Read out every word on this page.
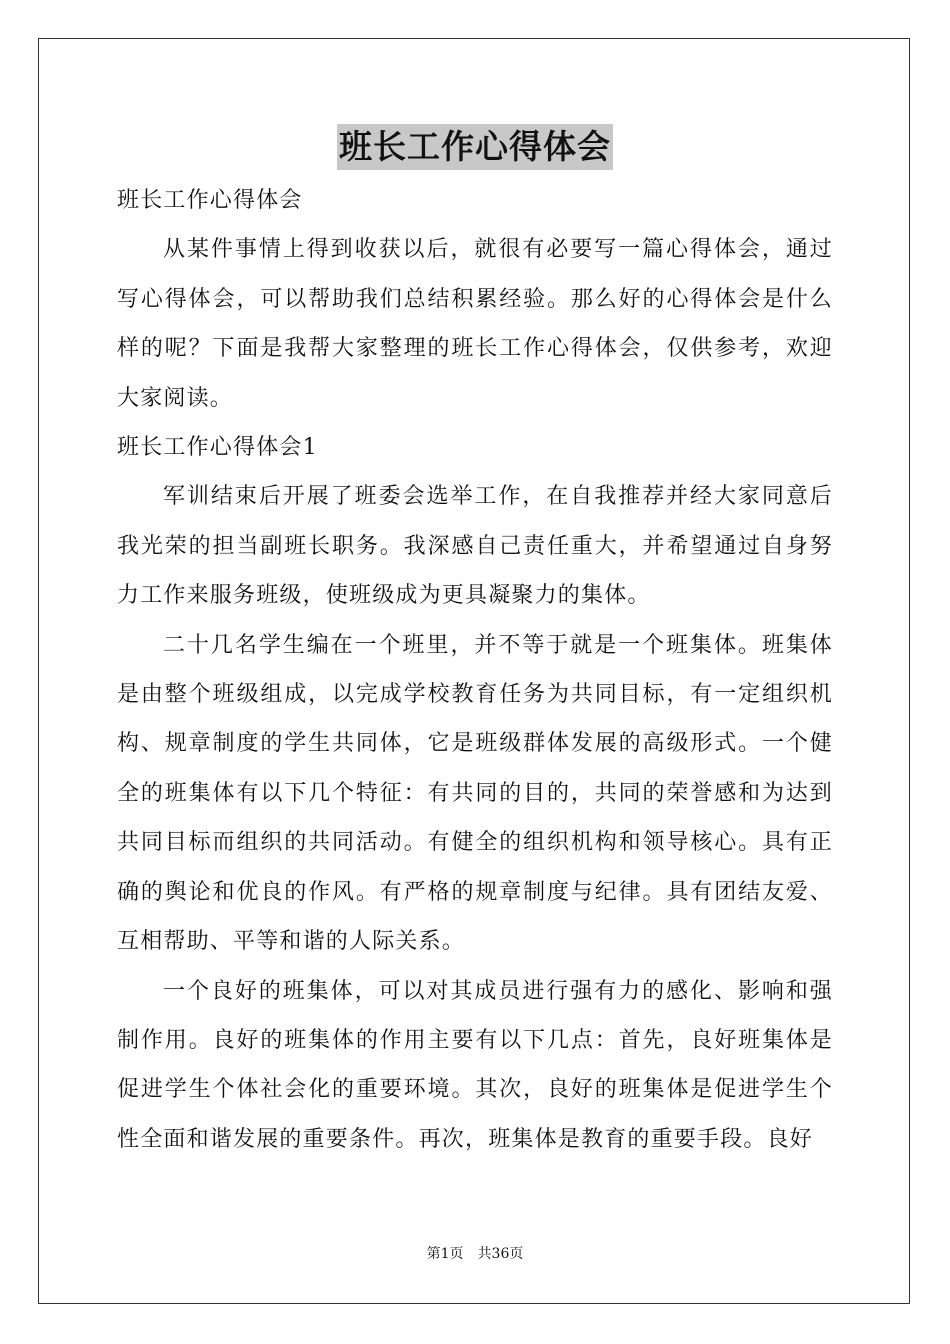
班长工作心得体会

班长工作心得体会

从某件事情上得到收获以后，就很有必要写一篇心得体会，通过写心得体会，可以帮助我们总结积累经验。那么好的心得体会是什么样的呢？下面是我帮大家整理的班长工作心得体会，仅供参考，欢迎大家阅读。

班长工作心得体会1

军训结束后开展了班委会选举工作，在自我推荐并经大家同意后我光荣的担当副班长职务。我深感自己责任重大，并希望通过自身努力工作来服务班级，使班级成为更具凝聚力的集体。

二十几名学生编在一个班里，并不等于就是一个班集体。班集体是由整个班级组成，以完成学校教育任务为共同目标，有一定组织机构、规章制度的学生共同体，它是班级群体发展的高级形式。一个健全的班集体有以下几个特征：有共同的目的，共同的荣誉感和为达到共同目标而组织的共同活动。有健全的组织机构和领导核心。具有正确的舆论和优良的作风。有严格的规章制度与纪律。具有团结友爱、互相帮助、平等和谐的人际关系。

一个良好的班集体，可以对其成员进行强有力的感化、影响和强制作用。良好的班集体的作用主要有以下几点：首先，良好班集体是促进学生个体社会化的重要环境。其次，良好的班集体是促进学生个性全面和谐发展的重要条件。再次，班集体是教育的重要手段。良好

第1页 共36页
